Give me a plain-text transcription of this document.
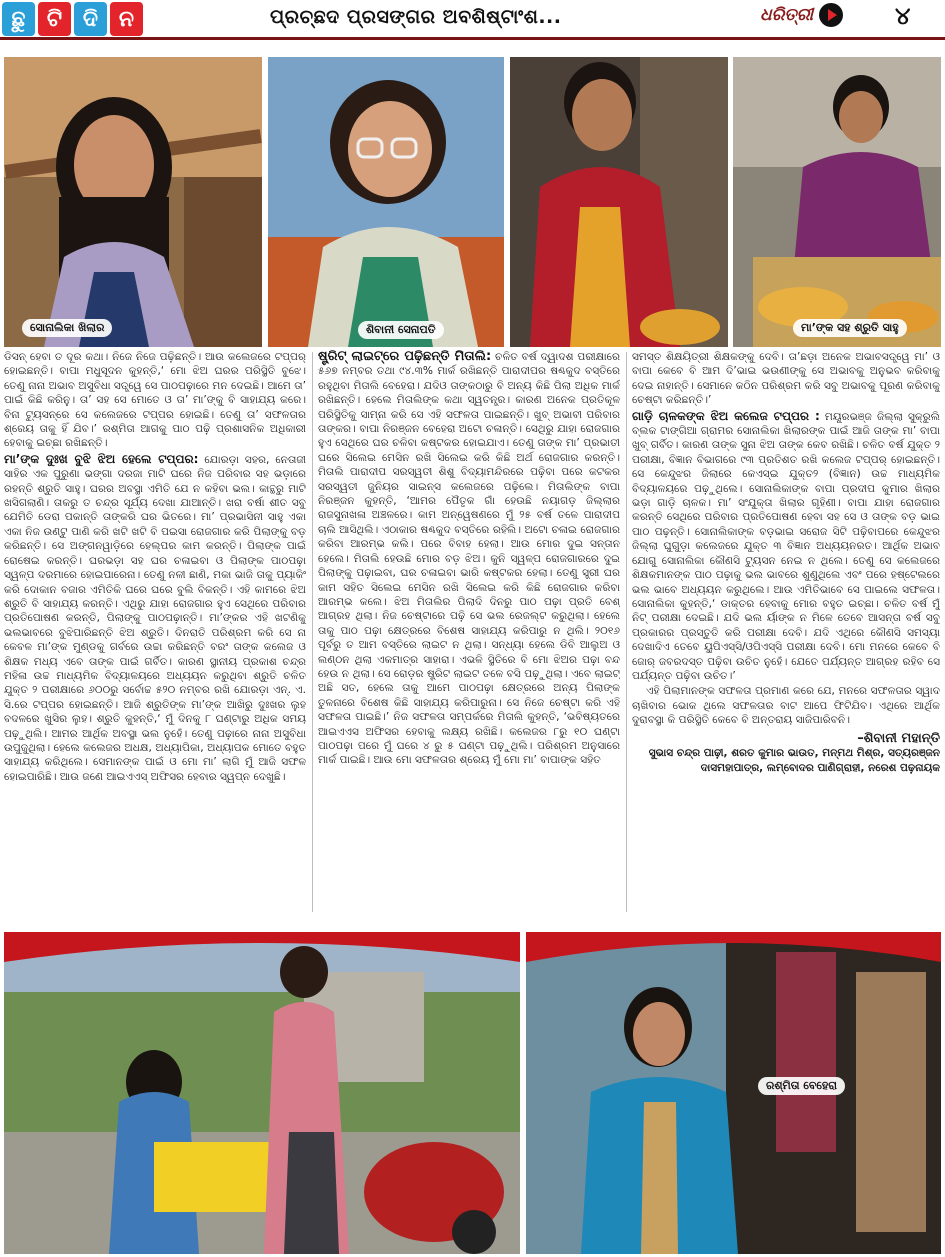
ଛୁ ଟି ଦି ନ	ପ୍ରଚ୍ଛଦ ପ୍ରସଙ୍ଗର ଅବଶିଷ୍ଟାଂଶ...	ଧରିତ୍ରୀ	୪
ସୋନାଲିକା ଖିଲାର	ଶିବାନୀ ସେନାପତି	ମା’ଙ୍କ ସହ ଶ୍ରୁତି ସାହୁ

ଡିସନ୍ ହେବା ତ ଦୂର କଥା। ନିଜେ ନିଜେ ପଢ଼ିଛନ୍ତି। ଆଉ କଲେଜରେ ଟପ୍‌ପର୍ ହୋଇଛନ୍ତି। ବାପା ମଧୁସୂଦନ କୁହନ୍ତି,‘ ମୋ ଝିଅ ଘରର ପରିସ୍ଥିତି ବୁଝେ। ତେଣୁ ନାନା ଅଭାବ ଅସୁବିଧା ସତ୍ତ୍ୱେ ସେ ପାଠପଢ଼ାରେ ମନ ଦେଇଛି। ଆମେ ତା’ ପାଇଁ କିଛି କରିନୁ। ତା’ ସହ ସେ ମୋତେ ଓ ତା’ ମା’ଙ୍କୁ ବି ସାହାଯ୍ୟ କରେ। ବିନା ଟ୍ୟୁସନ୍‌ରେ ସେ କଲେଜରେ ଟପ୍‌ପର ହୋଇଛି। ତେଣୁ ତା’ ସଫଳତାର ଶ୍ରେୟ ତାକୁ ହିଁ ଯିବ।’ ରଶ୍ମିତା ଆଗକୁ ପାଠ ପଢ଼ି ପ୍ରଶାସନିକ ଅଧିକାରୀ ହେବାକୁ ଇଚ୍ଛା ରଖିଛନ୍ତି।

ମା’ଙ୍କ ଦୁଃଖ ବୁଝି ଝିଅ ହେଲେ ଟପ୍‌ପର: ଯୋରଡ଼ା ସହର, ନେତାଜୀ ସାହିର ଏକ ପୁରୁଣା ଭଙ୍ଗା ଦରଜା ମାଟି ଘରେ ନିଜ ପରିବାର ସହ ଭଡ଼ାରେ ରହନ୍ତି ଶ୍ରୁତି ସାହୁ। ଘରର ଅବସ୍ଥା ଏମିତି ଯେ ନ କହିବା ଭଲ। କାନ୍ଥରୁ ମାଟି ଖସିଗଲାଣି। ତାକରୁ ତ ଚନ୍ଦ୍ର ସୂର୍ଯ୍ୟ ଦେଖା ଯାଆନ୍ତି। ଖରା ବର୍ଷା ଶୀତ ସବୁ ଯେମିତି ଡେରା ପକାନ୍ତି ତାଙ୍କରି ଘର ଭିତରେ। ମା’ ପ୍ରଭାସିନୀ ସାହୁ ଏକା ଏକା ନିଜ ଉଣ୍ଟୁ ପାଣି କରି ଖଟି ଖଟି ବି ପଇସା ରୋଜଗାର କରି ପିଲାଙ୍କୁ ବଡ଼ କରିଛନ୍ତି। ସେ ଅଙ୍ଗନୱାଡ଼ିରେ ହେଲ୍ପର କାମ କରନ୍ତି। ପିଲାଙ୍କ ପାଇଁ ରୋଷେଇ କରନ୍ତି। ଘରଭଡ଼ା ସହ ଘର ଚଳାଇବା ଓ ପିଲାଙ୍କ ପାଠପଢ଼ା ସ୍ୱଳ୍ପ ଦରମାରେ ହୋଇପାରେନା। ତେଣୁ ନଳୀ ଛାଣି, ମକା ଭାଜି ତାକୁ ପ୍ୟାକିଂ କରି ଦୋକାନ ବଜାର ଏମିତିକି ଘରେ ଘରେ ବୁଲି ବିକନ୍ତି। ଏହି କାମରେ ଝିଅ ଶ୍ରୁତି ବି ସାହାଯ୍ୟ କରନ୍ତି। ଏଥିରୁ ଯାହା ରୋଜଗାର ହୁଏ ସେଥିରେ ପରିବାର ପ୍ରତିପୋଷଣ କରନ୍ତି, ପିଲାଙ୍କୁ ପାଠପଢ଼ାନ୍ତି। ମା’ଙ୍କର ଏହି ଖଟଣିକୁ ଭଲଭାବରେ ବୁଝିପାରିଛନ୍ତି ଝିଅ ଶ୍ରୁତି। ଦିନରାତି ପରିଶ୍ରମ କରି ସେ ନା କେବଳ ମା’ଙ୍କ ମୁଣ୍ଡକୁ ଗର୍ବରେ ଉଚ୍ଚା କରିଛନ୍ତି ବରଂ ତାଙ୍କ କଲେଜ ଓ ଶିକ୍ଷକ ମଧ୍ୟ ଏବେ ତାଙ୍କ ପାଇଁ ଗର୍ବିତ। କାରଣ ସ୍ଥାନୀୟ ପ୍ରକାଶ ଚନ୍ଦ୍ର ମହିଳା ଉଚ୍ଚ ମାଧ୍ୟମିକ ବିଦ୍ୟାଳୟରେ ଅଧ୍ୟୟନ କରୁଥିବା ଶ୍ରୁତି ଚଳିତ ଯୁକ୍ତ ୨ ପରୀକ୍ଷାରେ ୬୦୦ରୁ ସର୍ବୋଚ୍ଚ ୫୨୦ ନମ୍ବର ରଖି ଯୋରଡ଼ା ଏନ୍. ଏ. ସି.ରେ ଟପ୍‌ପର ହୋଇଛନ୍ତି। ଆଜି ଶ୍ରୁତିଙ୍କ ମା’ଙ୍କ ଆଖିରୁ ଦୁଃଖର ଲୁହ ବଦଳରେ ଖୁସିର ଲୁହ। ଶ୍ରୁତି କୁହନ୍ତି,‘ ମୁଁ ଦିନକୁ ୮ ଘଣ୍ଟାରୁ ଅଧିକ ସମୟ ପଢ଼ୁଥିଲି। ଆମର ଆର୍ଥିକ ଅବସ୍ଥା ଭଲ ନୁହେଁ। ତେଣୁ ପଢ଼ାରେ ନାନା ଅସୁବିଧା ଉପୁଜୁଥିଲା। ହେଲେ କଲେଜର ଅଧକ୍ଷ, ଅଧ୍ୟାପିକା, ଅଧ୍ୟାପକ ମୋତେ ବହୁତ ସାହାଯ୍ୟ କରିଥିଲେ। ସେମାନଙ୍କ ପାଇଁ ଓ ମୋ ମା’ ଲାଗି ମୁଁ ଆଜି ସଫଳ ହୋଇପାରିଛି। ଆଉ ଜଣେ ଆଇଏଏସ୍ ଅଫିସର ହେବାର ସ୍ୱପ୍ନ ଦେଖୁଛି।

ଷ୍ଟ୍ରିଟ୍ ଲାଇଟ୍‌ରେ ପଢ଼ିଛନ୍ତି ମିତାଲି: ଚଳିତ ବର୍ଷ ଦ୍ୱାଦଶ ପରୀକ୍ଷାରେ ୫୬୭ ନମ୍ବର ତଥା ୯୪.୩% ମାର୍କ ରଖିଛନ୍ତି ପାରାଦୀପର ଷଣ୍ଢକୁଦ ବସ୍ତିରେ ରହୁଥିବା ମିତାଲି ବେହେରା। ଯଦିଓ ତାଙ୍କଠାରୁ ବି ଅନ୍ୟ କିଛି ପିଲା ଅଧିକ ମାର୍କ ରଖିଛନ୍ତି। ହେଲେ ମିତାଲିଙ୍କ କଥା ସ୍ୱତନ୍ତ୍ର। କାରଣ ଅନେକ ପ୍ରତିକୂଳ ପରିସ୍ଥିତିକୁ ସାମ୍ନା କରି ସେ ଏହି ସଫଳତା ପାଇଛନ୍ତି। ଖୁବ୍ ଅଭାବୀ ପରିବାର ତାଙ୍କର। ବାପା ନିରଞ୍ଜନ ବେହେରା ଅଟୋ ଚଳାନ୍ତି। ସେଥିରୁ ଯାହା ରୋଜଗାର ହୁଏ ସେଥିରେ ଘର ଚଳିବା କଷ୍ଟକର ହୋଇଯାଏ। ତେଣୁ ତାଙ୍କ ମା’ ପ୍ରଭାତୀ ଘରେ ସିଲେଇ ମେସିନ ରଖି ସିଲେଇ କରି କିଛି ଅର୍ଥ ରୋଜଗାର କରନ୍ତି। ମିତାଲି ପାରାଦୀପ ସରସ୍ୱତୀ ଶିଶୁ ବିଦ୍ୟାମନ୍ଦିରରେ ପଢ଼ିବା ପରେ କଟକର ସରସ୍ୱତୀ ଜୁନିୟର ସାଇନ୍ସ କଲେଜରେ ପଢ଼ିଲେ। ମିତାଲିଙ୍କ ବାପା ନିରଞ୍ଜନ କୁହନ୍ତି, ‘ଆମର ପୈତୃକ ଗାଁ ହେଉଛି ନୟାଗଡ଼ ଜିଲ୍ଲାର ରାଜସୁନାଖଳା ଅଞ୍ଚଳରେ। କାମ ଅନ୍ୱେଷଣରେ ମୁଁ ୨୫ ବର୍ଷ ତଳେ ପାରାଦୀପ ଚାଲି ଆସିଥିଲି। ଏଠାକାର ଷଣ୍ଢକୁଦ ବସ୍ତିରେ ରହିଲି। ଅଟୋ ଚଳାଇ ରୋଜଗାର କରିବା ଆରମ୍ଭ କଲି। ପରେ ବିବାହ ହେଲା। ଆଉ ମୋର ଦୁଇ ସନ୍ତାନ ହେଲେ। ମିତାଲି ହେଉଛି ମୋର ବଡ଼ ଝିଅ। କୁନି ସ୍ୱଳ୍ପ ରୋଜଗାରରେ ଦୁଇ ପିଲାଙ୍କୁ ପଢ଼ାଇବା, ଘର ଚଳାଇବା ଭାରି କଷ୍ଟକର ହେଲା। ତେଣୁ ସ୍ତ୍ରୀ ଘର କାମ ସହିତ ସିଲେଇ ମେସିନ ରଖି ସିଲେଇ କରି କିଛି ରୋଜଗାର କରିବା ଆରମ୍ଭ କଲେ। ଝିଅ ମିତାଲିର ପିଲାଦି ଦିନରୁ ପାଠ ପଢ଼ା ପ୍ରତି ବେଶ୍ ଆଗ୍ରହ ଥିଲା। ନିଜ ଚେଷ୍ଟାରେ ପଢ଼ି ସେ ଭଲ ରେଜଲ୍ଟ କରୁଥିଲା। ହେଲେ ତାକୁ ପାଠ ପଢ଼ା କ୍ଷେତ୍ରରେ ବିଶେଷ ସାହାଯ୍ୟ କରିପାରୁ ନ ଥିଲି। ୨୦୧୬ ପୂର୍ବରୁ ତ ଆମ ବସ୍ତିରେ ଲାଇଟ ନ ଥିଲା। ସନ୍ଧ୍ୟା ହେଲେ ଡିବି ଆଲୁଅ ଓ ଲଣ୍ଠନ ଥିଲା ଏକମାତ୍ର ସାହାରା। ଏଭଳି ସ୍ଥିତିରେ ବି ମୋ ଝିଅର ପଢ଼ା ବନ୍ଦ ହେଉ ନ ଥିଲା। ସେ ରୋଡ଼ର ଷ୍ଟ୍ରିଟ ଲାଇଟ ତଳେ ବସି ପଢ଼ୁଥିଲା। ଏବେ ଲାଇଟ୍ ଅଛି ସତ, ହେଲେ ତାକୁ ଆମେ ପାଠପଢ଼ା କ୍ଷେତ୍ରରେ ଅନ୍ୟ ପିଲାଙ୍କ ତୁଳନାରେ ବିଶେଷ କିଛି ସାହାଯ୍ୟ କରିପାରୁନା। ସେ ନିଜେ ଚେଷ୍ଟା କରି ଏହି ସଫଳତା ପାଇଛି।’ ନିଜ ସଫଳତା ସମ୍ପର୍କରେ ମିତାଲି କୁହନ୍ତି, ‘ଭବିଷ୍ୟତରେ ଆଇଏଏସ ଅଫିସର ହେବାକୁ ଲକ୍ଷ୍ୟ ରଖିଛି। କଲେଜର ୮ରୁ ୧୦ ଘଣ୍ଟା ପାଠପଢ଼ା ପରେ ମୁଁ ଘରେ ୪ ରୁ ୫ ଘଣ୍ଟା ପଢ଼ୁଥିଲି। ପରିଶ୍ରମ ଅନୁସାରେ ମାର୍କ ପାଇଛି। ଆଉ ମୋ ସଫଳତାର ଶ୍ରେୟ ମୁଁ ମୋ ମା’ ବାପାଙ୍କ ସହିତ

ସମସ୍ତ ଶିକ୍ଷୟିତ୍ରୀ ଶିକ୍ଷକଙ୍କୁ ଦେବି। ତା’ଛଡ଼ା ଅନେକ ଅଭାବସତ୍ତ୍ୱେ ମା’ ଓ ବାପା କେବେ ବି ଆମ ଦି’ଭାଇ ଭଉଣୀଙ୍କୁ ସେ ଅଭାବକୁ ଅନୁଭବ କରିବାକୁ ଦେଇ ନାହାନ୍ତି। ସେମାନେ କଠିନ ପରିଶ୍ରମ କରି ସବୁ ଅଭାବକୁ ପୂରଣ କରିବାକୁ ଚେଷ୍ଟା କରିଛନ୍ତି।’

ଗାଡ଼ି ଚାଳକଙ୍କ ଝିଅ କଲେଜ ଟପ୍‌ପର : ମୟୂରଭଞ୍ଜ ଜିଲ୍ଲା ସୁକ୍ରୁଲି ବ୍ଲକ ଟାଙ୍ଗିଆ ଗ୍ରାମର ସୋନାଲିକା ଖିଲାରଙ୍କ ପାଇଁ ଆଜି ତାଙ୍କ ମା’ ବାପା ଖୁବ୍ ଗର୍ବିତ। କାରଣ ତାଙ୍କ ସୁନା ଝିଅ ତାଙ୍କ କେବ ରଖିଛି। ଚଳିତ ବର୍ଷ ଯୁକ୍ତ ୨ ପରୀକ୍ଷା, ବିଜ୍ଞାନ ବିଭାଗରେ ୯୩ ପ୍ରତିଶତ ରଖି କଲେଜ ଟପ୍‌ପର୍ ହୋଇଛନ୍ତି। ସେ କେନ୍ଦୁଝର ଜିଲାରେ କେଏସ୍‌ଇ ଯୁକ୍ତ୨ (ବିଜ୍ଞାନ) ଉଚ୍ଚ ମାଧ୍ୟମିକ ବିଦ୍ୟାଳୟରେ ପଢ଼ୁଥିଲେ। ସୋନାଲିକାଙ୍କ ବାପା ପ୍ରଦୀପ କୁମାର ଖିଲାର ଭଡ଼ା ଗାଡ଼ି ଚାଳକ। ମା’ ସଂଯୁକ୍ତା ଖିଲାର ଗୃହିଣୀ। ବାପା ଯାହା ରୋଜଗାର କରନ୍ତି ସେଥିରେ ପରିବାର ପ୍ରତିପୋଷଣ ହେବା ସହ ସେ ଓ ତାଙ୍କ ବଡ଼ ଭାଇ ପାଠ ପଢ଼ନ୍ତି। ସୋନାଲିକାଙ୍କ ବଡ଼ଭାଇ ସରୋଜ ସିଟି ପଢ଼ିବାପରେ କେନ୍ଦୁଝର ଜିଲ୍ଲା ଘୁଗୁଡ଼ା କଲେଜରେ ଯୁକ୍ତ ୩ ବିଜ୍ଞାନ ଅଧ୍ୟୟନରତ। ଆର୍ଥିକ ଅଭାବ ଯୋଗୁ ସୋନାଲିକା କୌଣସି ଟ୍ୟୁସନ ନେଇ ନ ଥିଲେ। ତେଣୁ ସେ କଲେଜରେ ଶିକ୍ଷକମାନଙ୍କ ପାଠ ପଢ଼ାକୁ ଭଲ ଭାବରେ ଶୁଣୁଥିଲେ ଏବଂ ପରେ ହଷ୍ଟେଲରେ ଭଲ ଭାବେ ଅଧ୍ୟୟନ କରୁଥିଲେ। ଆଉ ଏମିତିଭାବେ ସେ ପାଇଲେ ସଫଳତା। ସୋନାଲିକା କୁହନ୍ତି,‘ ଡାକ୍ତର ହେବାକୁ ମୋର ବହୁତ ଇଚ୍ଛା। ଚଳିତ ବର୍ଷ ମୁଁ ନିଟ୍ ପରୀକ୍ଷା ଦେଇଛି। ଯଦି ଭଲ ର୍ୟାଙ୍କ ନ ମିଳେ ତେବେ ଆସନ୍ତା ବର୍ଷ ସବୁ ପ୍ରକାରର ପ୍ରସ୍ତୁତି କରି ପରୀକ୍ଷା ଦେବି। ଯଦି ଏଥିରେ କୌଣସି ସମସ୍ୟା ଦେଖାଦିଏ ତେବେ ୟୁପିଏସ୍‌ସି/ଓପିଏସ୍‌ସି ପରୀକ୍ଷା ଦେବି। ମୋ ମନରେ କେବେ ବି ଜୋର୍ ଜବରଦସ୍ତ ପଢ଼ିବା ଉଚିତ ନୁହେଁ। ଯେତେ ପର୍ଯ୍ୟନ୍ତ ଆଗ୍ରହ ରହିବ ସେ ପର୍ଯ୍ୟନ୍ତ ପଢ଼ିବା ଉଚିତ।’

ଏହି ପିଲାମାନଙ୍କ ସଫଳତା ପ୍ରମାଣ କରେ ଯେ, ମନରେ ସଫଳତାର ସ୍ୱାଦ ଚାଖିବାର ଭୋକ ଥିଲେ ସଫଳତାର ବାଟ ଆପେ ଫିଟିଯିବ। ଏଥିରେ ଆର୍ଥିକ ଦୁରାବସ୍ଥା କି ପରିସ୍ଥିତି କେବେ ବି ଅନ୍ତରାୟ ସାଜିପାରିବନି।

–ଶିବାନୀ ମହାନ୍ତି
ସୁଭାସ ଚନ୍ଦ୍ର ପାଢ଼ୀ, ଶରତ କୁମାର ଭାଉତ, ମନ୍ମଥ ମିଶ୍ର, ସତ୍ୟରଞ୍ଜନ ଦାସମହାପାତ୍ର, ଲମ୍ବୋଦର ପାଣିଗ୍ରାହୀ, ନରେଶ ପଢ଼ନାୟକ
ରଶ୍ମିତା ବେହେରା
